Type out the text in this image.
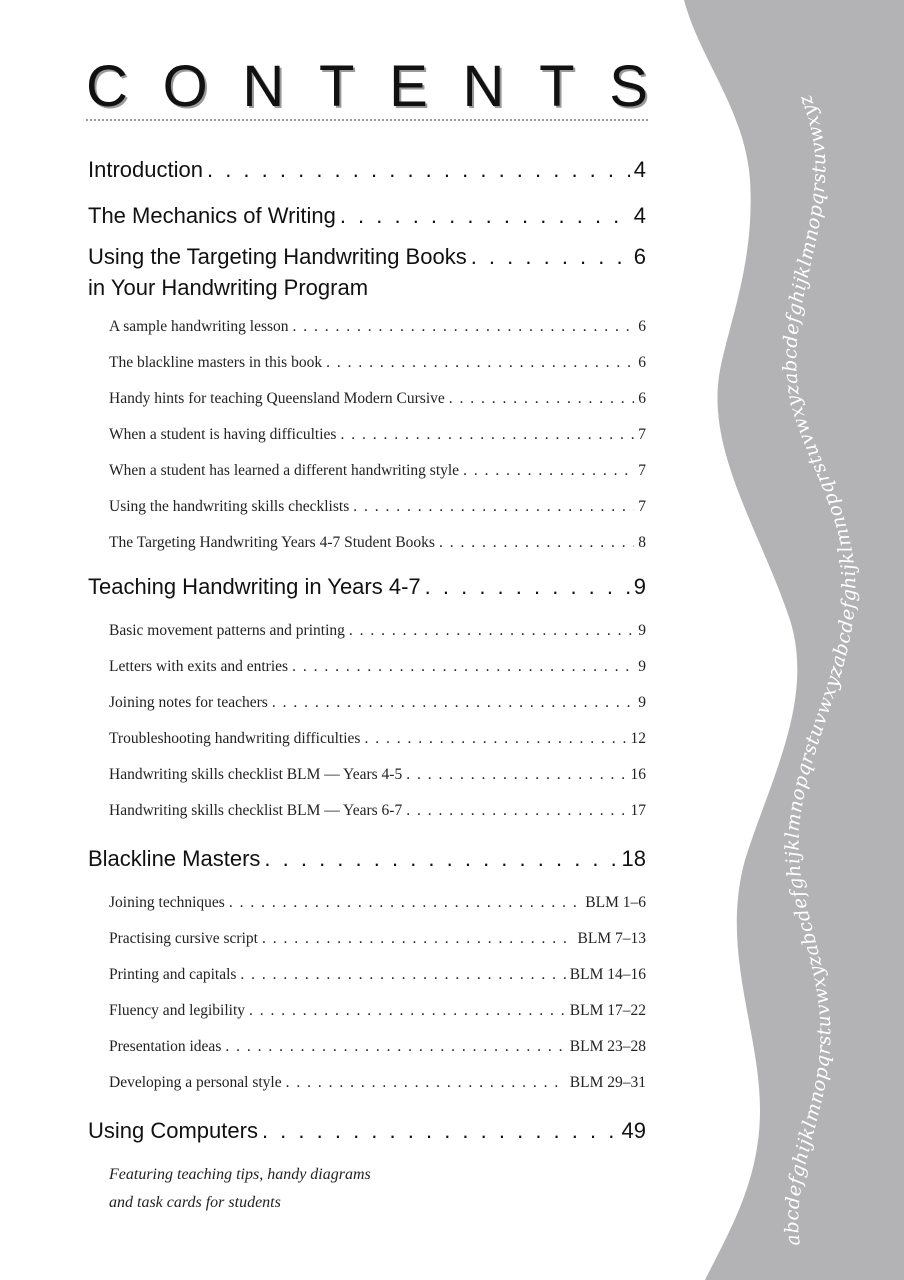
abcdefghijklmnopqrstuvwxyzabcdefghijklmnopqrstuvwxyzabcdefghijklmnopqrstuvwxyzabcdefghijklmnopqrstuvwxyz
C O N T E N T S
Introduction . . .	4
The Mechanics of Writing . . .	4
Using the Targeting Handwriting Books . . .	6
in Your Handwriting Program
A sample handwriting lesson . . .	6
The blackline masters in this book . . .	6
Handy hints for teaching Queensland Modern Cursive . . .	6
When a student is having difficulties . . .	7
When a student has learned a different handwriting style . . .	7
Using the handwriting skills checklists . . .	7
The Targeting Handwriting Years 4-7 Student Books . . .	8
Teaching Handwriting in Years 4-7 . . .	9
Basic movement patterns and printing . . .	9
Letters with exits and entries . . .	9
Joining notes for teachers . . .	9
Troubleshooting handwriting difficulties . . .	12
Handwriting skills checklist BLM — Years 4-5 . . .	16
Handwriting skills checklist BLM — Years 6-7 . . .	17
Blackline Masters . . .	18
Joining techniques . . .	BLM 1–6
Practising cursive script . . .	BLM 7–13
Printing and capitals . . .	BLM 14–16
Fluency and legibility . . .	BLM 17–22
Presentation ideas . . .	BLM 23–28
Developing a personal style . . .	BLM 29–31
Using Computers . . .	49
Featuring teaching tips, handy diagrams
and task cards for students
